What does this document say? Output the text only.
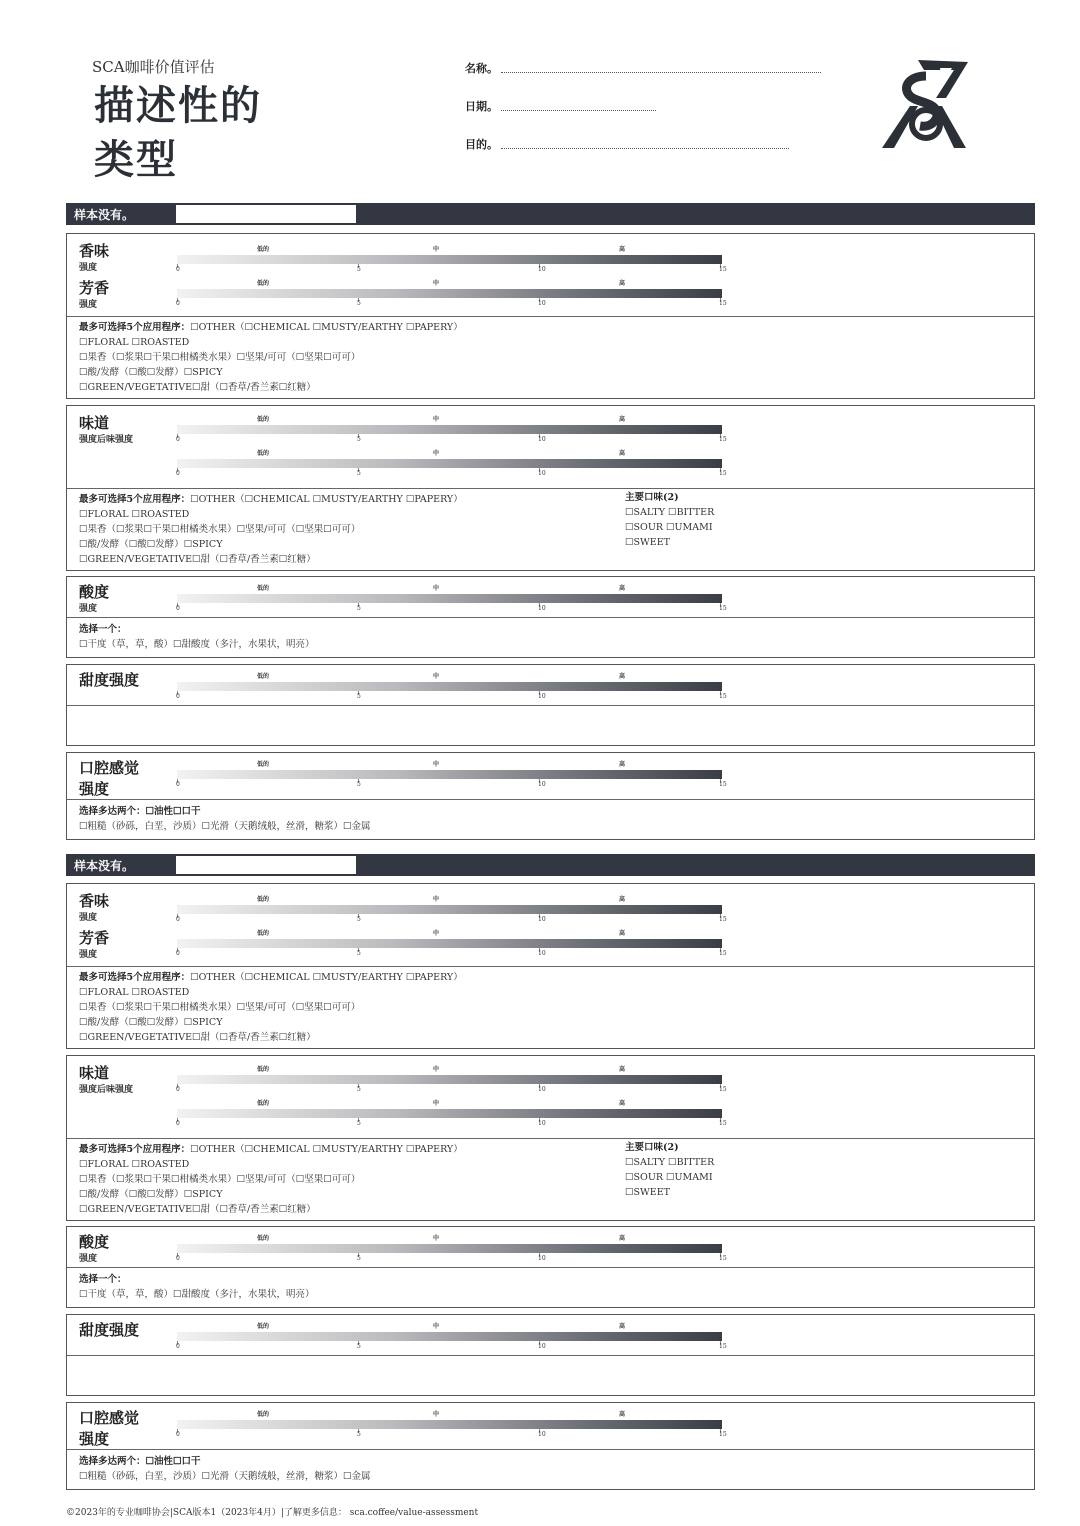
SCA咖啡价值评估
描述性的
类型
名称。
日期。
目的。
样本没有。
香味
强度
低的	中	高
0	5	10	15
芳香
强度
低的	中	高
0	5	10	15
最多可选择5个应用程序：☐OTHER（☐CHEMICAL ☐MUSTY/EARTHY ☐PAPERY）
☐FLORAL ☐ROASTED
☐果香（☐浆果☐干果☐柑橘类水果）☐坚果/可可（☐坚果☐可可）
☐酸/发酵（☐酸☐发酵）☐SPICY
☐GREEN/VEGETATIVE☐甜（☐香草/香兰素☐红糖）
味道
强度后味强度
低的	中	高
0	5	10	15
低的	中	高
0	5	10	15
最多可选择5个应用程序：☐OTHER（☐CHEMICAL ☐MUSTY/EARTHY ☐PAPERY）
☐FLORAL ☐ROASTED
☐果香（☐浆果☐干果☐柑橘类水果）☐坚果/可可（☐坚果☐可可）
☐酸/发酵（☐酸☐发酵）☐SPICY
☐GREEN/VEGETATIVE☐甜（☐香草/香兰素☐红糖）
主要口味(2)
☐SALTY ☐BITTER
☐SOUR ☐UMAMI
☐SWEET
酸度
强度
低的	中	高
0	5	10	15
选择一个：
☐干度（草，草，酸）☐甜酸度（多汁，水果状，明亮）
甜度强度	低的	中	高
0	5	10	15
口腔感觉
强度
低的	中	高
0	5	10	15
选择多达两个：☐油性☐口干
☐粗糙（砂砾，白垩，沙质）☐光滑（天鹅绒般，丝滑，糖浆）☐金属
样本没有。
香味
强度
低的	中	高
0	5	10	15
芳香
强度
低的	中	高
0	5	10	15
最多可选择5个应用程序：☐OTHER（☐CHEMICAL ☐MUSTY/EARTHY ☐PAPERY）
☐FLORAL ☐ROASTED
☐果香（☐浆果☐干果☐柑橘类水果）☐坚果/可可（☐坚果☐可可）
☐酸/发酵（☐酸☐发酵）☐SPICY
☐GREEN/VEGETATIVE☐甜（☐香草/香兰素☐红糖）
味道
强度后味强度
低的	中	高
0	5	10	15
低的	中	高
0	5	10	15
最多可选择5个应用程序：☐OTHER（☐CHEMICAL ☐MUSTY/EARTHY ☐PAPERY）
☐FLORAL ☐ROASTED
☐果香（☐浆果☐干果☐柑橘类水果）☐坚果/可可（☐坚果☐可可）
☐酸/发酵（☐酸☐发酵）☐SPICY
☐GREEN/VEGETATIVE☐甜（☐香草/香兰素☐红糖）
主要口味(2)
☐SALTY ☐BITTER
☐SOUR ☐UMAMI
☐SWEET
酸度
强度
低的	中	高
0	5	10	15
选择一个：
☐干度（草，草，酸）☐甜酸度（多汁，水果状，明亮）
甜度强度	低的	中	高
0	5	10	15
口腔感觉
强度
低的	中	高
0	5	10	15
选择多达两个：☐油性☐口干
☐粗糙（砂砾，白垩，沙质）☐光滑（天鹅绒般，丝滑，糖浆）☐金属
©2023年的专业咖啡协会|SCA版本1（2023年4月）|了解更多信息： sca.coffee/value-assessment
